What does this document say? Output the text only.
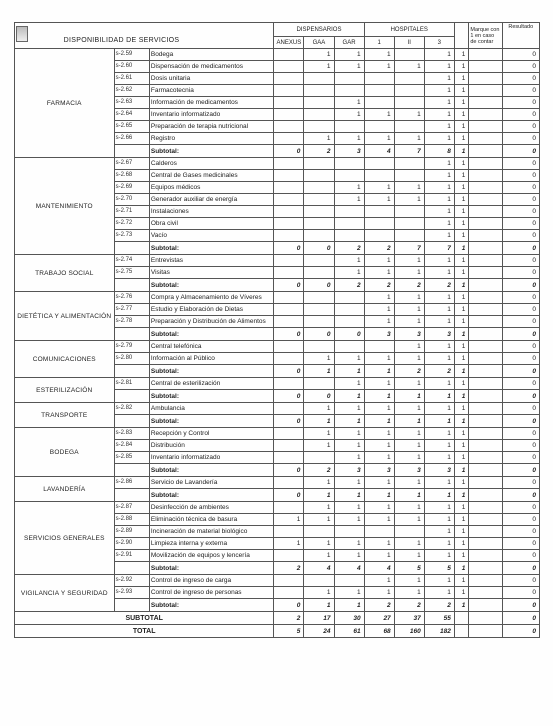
DISPONIBILIDAD DE SERVICIOS			DISPENSARIOS			HOSPITALES				Marque con 1 en caso de contar	Resultado
			ANEXUS	GAA	GAR	1	II	3			
FARMACIA	s-2.59	Bodega		1	1	1		1	1		0
	s-2.60	Dispensación de medicamentos		1	1	1	1	1	1		0
	s-2.61	Dosis unitaria						1	1		0
	s-2.62	Farmacotecnia						1	1		0
	s-2.63	Información de medicamentos			1			1	1		0
	s-2.64	Inventario informatizado			1	1	1	1	1		0
	s-2.65	Preparación de terapia nutricional						1	1		0
	s-2.66	Registro		1	1	1	1	1	1		0
		Subtotal:	0	2	3	4	7	8	1		0
MANTENIMIENTO	s-2.67	Calderos						1	1		0
	s-2.68	Central de Gases medicinales						1	1		0
	s-2.69	Equipos médicos			1	1	1	1	1		0
	s-2.70	Generador auxiliar de energía			1	1	1	1	1		0
	s-2.71	Instalaciones						1	1		0
	s-2.72	Obra civil						1	1		0
	s-2.73	Vacío						1	1		0
		Subtotal:	0	0	2	2	7	7	1		0
TRABAJO SOCIAL	s-2.74	Entrevistas			1	1	1	1	1		0
	s-2.75	Visitas			1	1	1	1	1		0
		Subtotal:	0	0	2	2	2	2	1		0
DIETÉTICA Y ALIMENTACIÓN	s-2.76	Compra y Almacenamiento de Víveres				1	1	1	1		0
	s-2.77	Estudio y Elaboración de Dietas				1	1	1	1		0
	s-2.78	Preparación y Distribución de Alimentos				1	1	1	1		0
		Subtotal:	0	0	0	3	3	3	1		0
COMUNICACIONES	s-2.79	Central telefónica					1	1	1		0
	s-2.80	Información al Público		1	1	1	1	1	1		0
		Subtotal:	0	1	1	1	2	2	1		0
ESTERILIZACIÓN	s-2.81	Central de esterilización			1	1	1	1	1		0
		Subtotal:	0	0	1	1	1	1	1		0
TRANSPORTE	s-2.82	Ambulancia		1	1	1	1	1	1		0
		Subtotal:	0	1	1	1	1	1	1		0
BODEGA	s-2.83	Recepción y Control		1	1	1	1	1	1		0
	s-2.84	Distribución		1	1	1	1	1	1		0
	s-2.85	Inventario informatizado			1	1	1	1	1		0
		Subtotal:	0	2	3	3	3	3	1		0
LAVANDERÍA	s-2.86	Servicio de Lavandería		1	1	1	1	1	1		0
		Subtotal:	0	1	1	1	1	1	1		0
SERVICIOS GENERALES	s-2.87	Desinfección de ambientes		1	1	1	1	1	1		0
	s-2.88	Eliminación técnica de basura	1	1	1	1	1	1	1		0
	s-2.89	Incineración de material biológico						1	1		0
	s-2.90	Limpieza interna y externa	1	1	1	1	1	1	1		0
	s-2.91	Movilización de equipos y lencería		1	1	1	1	1	1		0
		Subtotal:	2	4	4	4	5	5	1		0
VIGILANCIA Y SEGURIDAD	s-2.92	Control de ingreso de carga				1	1	1	1		0
	s-2.93	Control de ingreso de personas		1	1	1	1	1	1		0
		Subtotal:	0	1	1	2	2	2	1		0
SUBTOTAL			2	17	30	27	37	55			0
TOTAL			5	24	61	68	160	182			0
